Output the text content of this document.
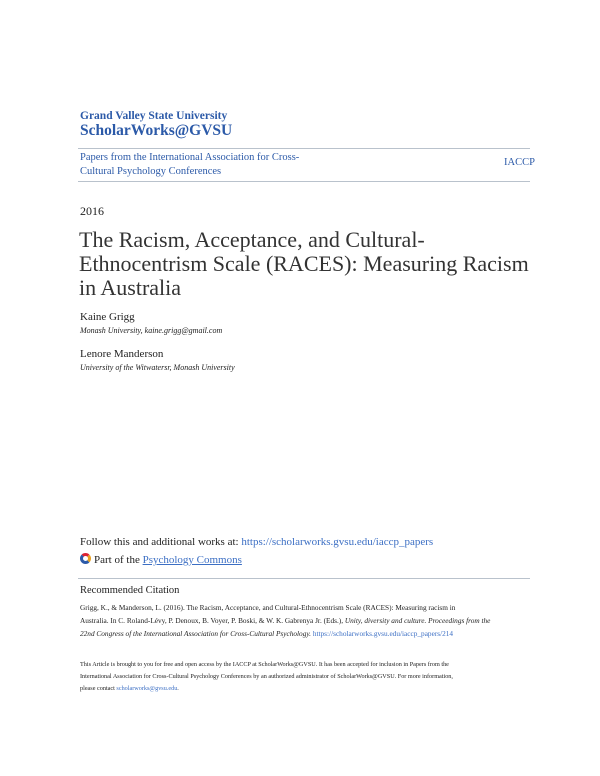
Grand Valley State University
ScholarWorks@GVSU
Papers from the International Association for Cross-
Cultural Psychology Conferences
IACCP
2016
The Racism, Acceptance, and Cultural-
Ethnocentrism Scale (RACES): Measuring Racism
in Australia
Kaine Grigg
Monash University, kaine.grigg@gmail.com
Lenore Manderson
University of the Witwatersr, Monash University
Follow this and additional works at: https://scholarworks.gvsu.edu/iaccp_papers
Part of the Psychology Commons
Recommended Citation
Grigg, K., & Manderson, L. (2016). The Racism, Acceptance, and Cultural-Ethnocentrism Scale (RACES): Measuring racism in
Australia. In C. Roland-Lévy, P. Denoux, B. Voyer, P. Boski, & W. K. Gabrenya Jr. (Eds.), Unity, diversity and culture. Proceedings from the
22nd Congress of the International Association for Cross-Cultural Psychology. https://scholarworks.gvsu.edu/iaccp_papers/214
This Article is brought to you for free and open access by the IACCP at ScholarWorks@GVSU. It has been accepted for inclusion in Papers from the
International Association for Cross-Cultural Psychology Conferences by an authorized administrator of ScholarWorks@GVSU. For more information,
please contact scholarworks@gvsu.edu.
